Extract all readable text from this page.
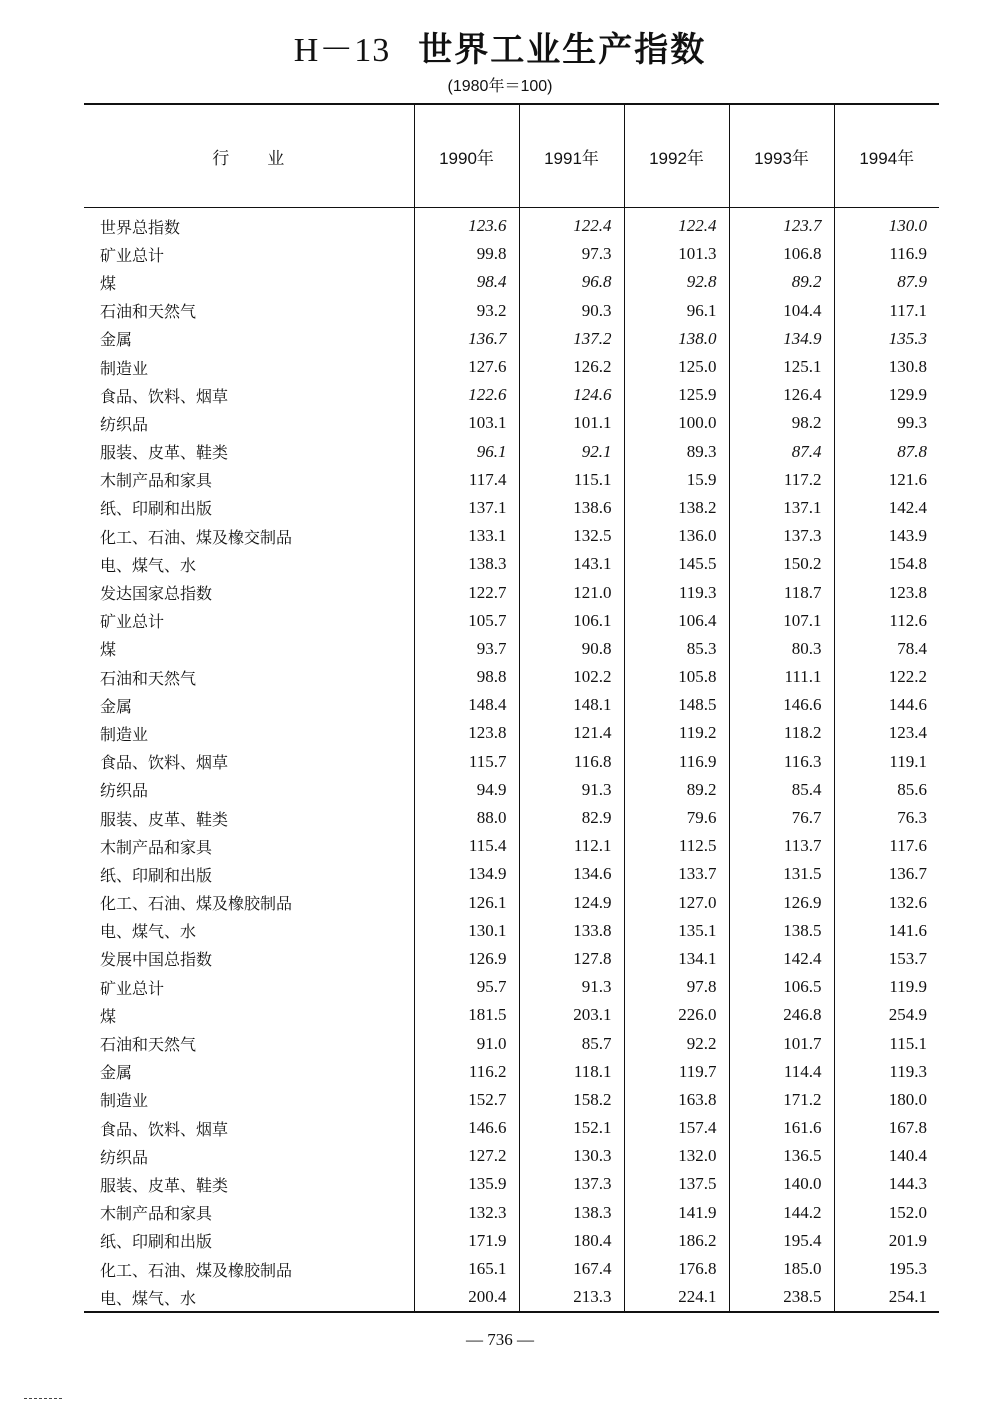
H－13 世界工业生产指数
(1980年＝100)
行业	1990年	1991年	1992年	1993年	1994年
世界总指数	123.6	122.4	122.4	123.7	130.0
矿业总计	99.8	97.3	101.3	106.8	116.9
煤	98.4	96.8	92.8	89.2	87.9
石油和天然气	93.2	90.3	96.1	104.4	117.1
金属	136.7	137.2	138.0	134.9	135.3
制造业	127.6	126.2	125.0	125.1	130.8
食品、饮料、烟草	122.6	124.6	125.9	126.4	129.9
纺织品	103.1	101.1	100.0	98.2	99.3
服装、皮革、鞋类	96.1	92.1	89.3	87.4	87.8
木制产品和家具	117.4	115.1	15.9	117.2	121.6
纸、印刷和出版	137.1	138.6	138.2	137.1	142.4
化工、石油、煤及橡交制品	133.1	132.5	136.0	137.3	143.9
电、煤气、水	138.3	143.1	145.5	150.2	154.8
发达国家总指数	122.7	121.0	119.3	118.7	123.8
矿业总计	105.7	106.1	106.4	107.1	112.6
煤	93.7	90.8	85.3	80.3	78.4
石油和天然气	98.8	102.2	105.8	111.1	122.2
金属	148.4	148.1	148.5	146.6	144.6
制造业	123.8	121.4	119.2	118.2	123.4
食品、饮料、烟草	115.7	116.8	116.9	116.3	119.1
纺织品	94.9	91.3	89.2	85.4	85.6
服装、皮革、鞋类	88.0	82.9	79.6	76.7	76.3
木制产品和家具	115.4	112.1	112.5	113.7	117.6
纸、印刷和出版	134.9	134.6	133.7	131.5	136.7
化工、石油、煤及橡胶制品	126.1	124.9	127.0	126.9	132.6
电、煤气、水	130.1	133.8	135.1	138.5	141.6
发展中国总指数	126.9	127.8	134.1	142.4	153.7
矿业总计	95.7	91.3	97.8	106.5	119.9
煤	181.5	203.1	226.0	246.8	254.9
石油和天然气	91.0	85.7	92.2	101.7	115.1
金属	116.2	118.1	119.7	114.4	119.3
制造业	152.7	158.2	163.8	171.2	180.0
食品、饮料、烟草	146.6	152.1	157.4	161.6	167.8
纺织品	127.2	130.3	132.0	136.5	140.4
服装、皮革、鞋类	135.9	137.3	137.5	140.0	144.3
木制产品和家具	132.3	138.3	141.9	144.2	152.0
纸、印刷和出版	171.9	180.4	186.2	195.4	201.9
化工、石油、煤及橡胶制品	165.1	167.4	176.8	185.0	195.3
电、煤气、水	200.4	213.3	224.1	238.5	254.1
— 736 —
